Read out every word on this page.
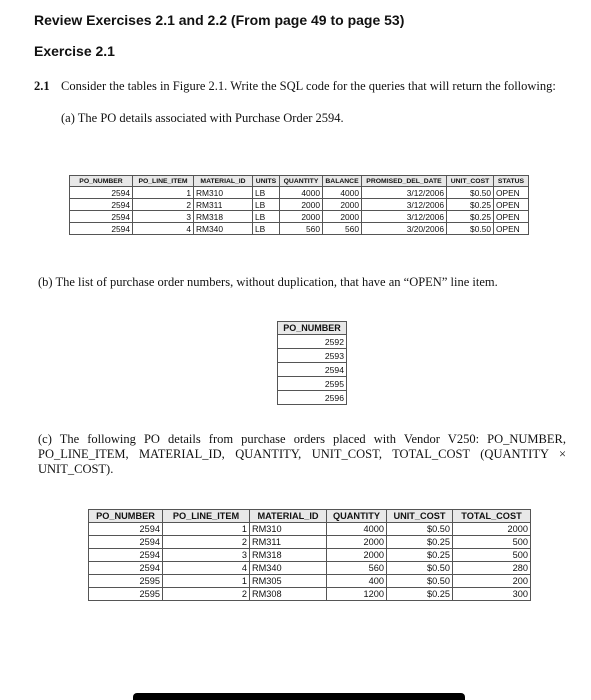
Review Exercises 2.1 and 2.2 (From page 49 to page 53)
Exercise 2.1
2.1 Consider the tables in Figure 2.1. Write the SQL code for the queries that will return the following:
(a) The PO details associated with Purchase Order 2594.
PO_NUMBER	PO_LINE_ITEM	MATERIAL_ID	UNITS	QUANTITY	BALANCE	PROMISED_DEL_DATE	UNIT_COST	STATUS
2594	1	RM310	LB	4000	4000	3/12/2006	$0.50	OPEN
2594	2	RM311	LB	2000	2000	3/12/2006	$0.25	OPEN
2594	3	RM318	LB	2000	2000	3/12/2006	$0.25	OPEN
2594	4	RM340	LB	560	560	3/20/2006	$0.50	OPEN
(b) The list of purchase order numbers, without duplication, that have an “OPEN” line item.
PO_NUMBER
2592
2593
2594
2595
2596
(c) The following PO details from purchase orders placed with Vendor V250: PO_NUMBER, PO_LINE_ITEM, MATERIAL_ID, QUANTITY, UNIT_COST, TOTAL_COST (QUANTITY × UNIT_COST).
PO_NUMBER	PO_LINE_ITEM	MATERIAL_ID	QUANTITY	UNIT_COST	TOTAL_COST
2594	1	RM310	4000	$0.50	2000
2594	2	RM311	2000	$0.25	500
2594	3	RM318	2000	$0.25	500
2594	4	RM340	560	$0.50	280
2595	1	RM305	400	$0.50	200
2595	2	RM308	1200	$0.25	300
